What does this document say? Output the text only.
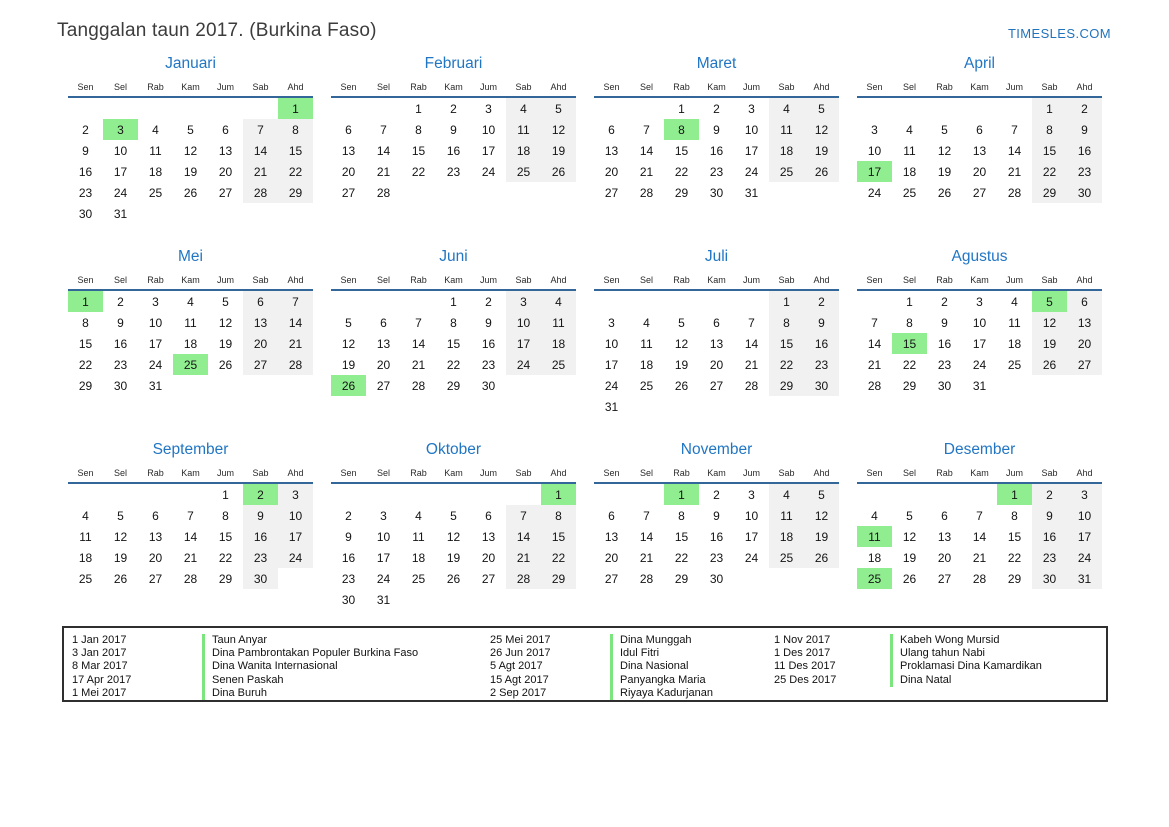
Tanggalan taun 2017. (Burkina Faso)	TIMESLES.COM
Januari
Sen	Sel	Rab	Kam	Jum	Sab	Ahd
						1
2	3	4	5	6	7	8
9	10	11	12	13	14	15
16	17	18	19	20	21	22
23	24	25	26	27	28	29
30	31					
Februari
Sen	Sel	Rab	Kam	Jum	Sab	Ahd
		1	2	3	4	5
6	7	8	9	10	11	12
13	14	15	16	17	18	19
20	21	22	23	24	25	26
27	28					
Maret
Sen	Sel	Rab	Kam	Jum	Sab	Ahd
		1	2	3	4	5
6	7	8	9	10	11	12
13	14	15	16	17	18	19
20	21	22	23	24	25	26
27	28	29	30	31		
April
Sen	Sel	Rab	Kam	Jum	Sab	Ahd
					1	2
3	4	5	6	7	8	9
10	11	12	13	14	15	16
17	18	19	20	21	22	23
24	25	26	27	28	29	30
Mei
Sen	Sel	Rab	Kam	Jum	Sab	Ahd
1	2	3	4	5	6	7
8	9	10	11	12	13	14
15	16	17	18	19	20	21
22	23	24	25	26	27	28
29	30	31				
Juni
Sen	Sel	Rab	Kam	Jum	Sab	Ahd
			1	2	3	4
5	6	7	8	9	10	11
12	13	14	15	16	17	18
19	20	21	22	23	24	25
26	27	28	29	30		
Juli
Sen	Sel	Rab	Kam	Jum	Sab	Ahd
					1	2
3	4	5	6	7	8	9
10	11	12	13	14	15	16
17	18	19	20	21	22	23
24	25	26	27	28	29	30
31						
Agustus
Sen	Sel	Rab	Kam	Jum	Sab	Ahd
	1	2	3	4	5	6
7	8	9	10	11	12	13
14	15	16	17	18	19	20
21	22	23	24	25	26	27
28	29	30	31			
September
Sen	Sel	Rab	Kam	Jum	Sab	Ahd
				1	2	3
4	5	6	7	8	9	10
11	12	13	14	15	16	17
18	19	20	21	22	23	24
25	26	27	28	29	30	
Oktober
Sen	Sel	Rab	Kam	Jum	Sab	Ahd
						1
2	3	4	5	6	7	8
9	10	11	12	13	14	15
16	17	18	19	20	21	22
23	24	25	26	27	28	29
30	31					
November
Sen	Sel	Rab	Kam	Jum	Sab	Ahd
		1	2	3	4	5
6	7	8	9	10	11	12
13	14	15	16	17	18	19
20	21	22	23	24	25	26
27	28	29	30			
Desember
Sen	Sel	Rab	Kam	Jum	Sab	Ahd
				1	2	3
4	5	6	7	8	9	10
11	12	13	14	15	16	17
18	19	20	21	22	23	24
25	26	27	28	29	30	31
1 Jan 2017	Taun Anyar
3 Jan 2017	Dina Pambrontakan Populer Burkina Faso
8 Mar 2017	Dina Wanita Internasional
17 Apr 2017	Senen Paskah
1 Mei 2017	Dina Buruh
25 Mei 2017	Dina Munggah
26 Jun 2017	Idul Fitri
5 Agt 2017	Dina Nasional
15 Agt 2017	Panyangka Maria
2 Sep 2017	Riyaya Kadurjanan
1 Nov 2017	Kabeh Wong Mursid
1 Des 2017	Ulang tahun Nabi
11 Des 2017	Proklamasi Dina Kamardikan
25 Des 2017	Dina Natal
